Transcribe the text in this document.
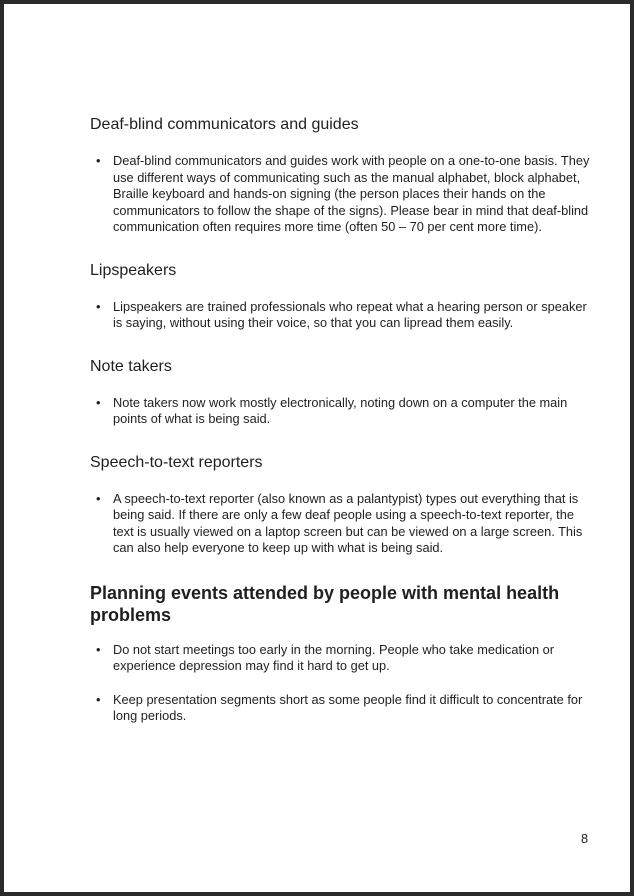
Deaf-blind communicators and guides
• Deaf-blind communicators and guides work with people on a one-to-one basis. They use different ways of communicating such as the manual alphabet, block alphabet, Braille keyboard and hands-on signing (the person places their hands on the communicators to follow the shape of the signs). Please bear in mind that deaf-blind communication often requires more time (often 50 – 70 per cent more time).
Lipspeakers
• Lipspeakers are trained professionals who repeat what a hearing person or speaker is saying, without using their voice, so that you can lipread them easily.
Note takers
• Note takers now work mostly electronically, noting down on a computer the main points of what is being said.
Speech-to-text reporters
• A speech-to-text reporter (also known as a palantypist) types out everything that is being said. If there are only a few deaf people using a speech-to-text reporter, the text is usually viewed on a laptop screen but can be viewed on a large screen. This can also help everyone to keep up with what is being said.
Planning events attended by people with mental health problems
• Do not start meetings too early in the morning. People who take medication or experience depression may find it hard to get up.
• Keep presentation segments short as some people find it difficult to concentrate for long periods.
8
